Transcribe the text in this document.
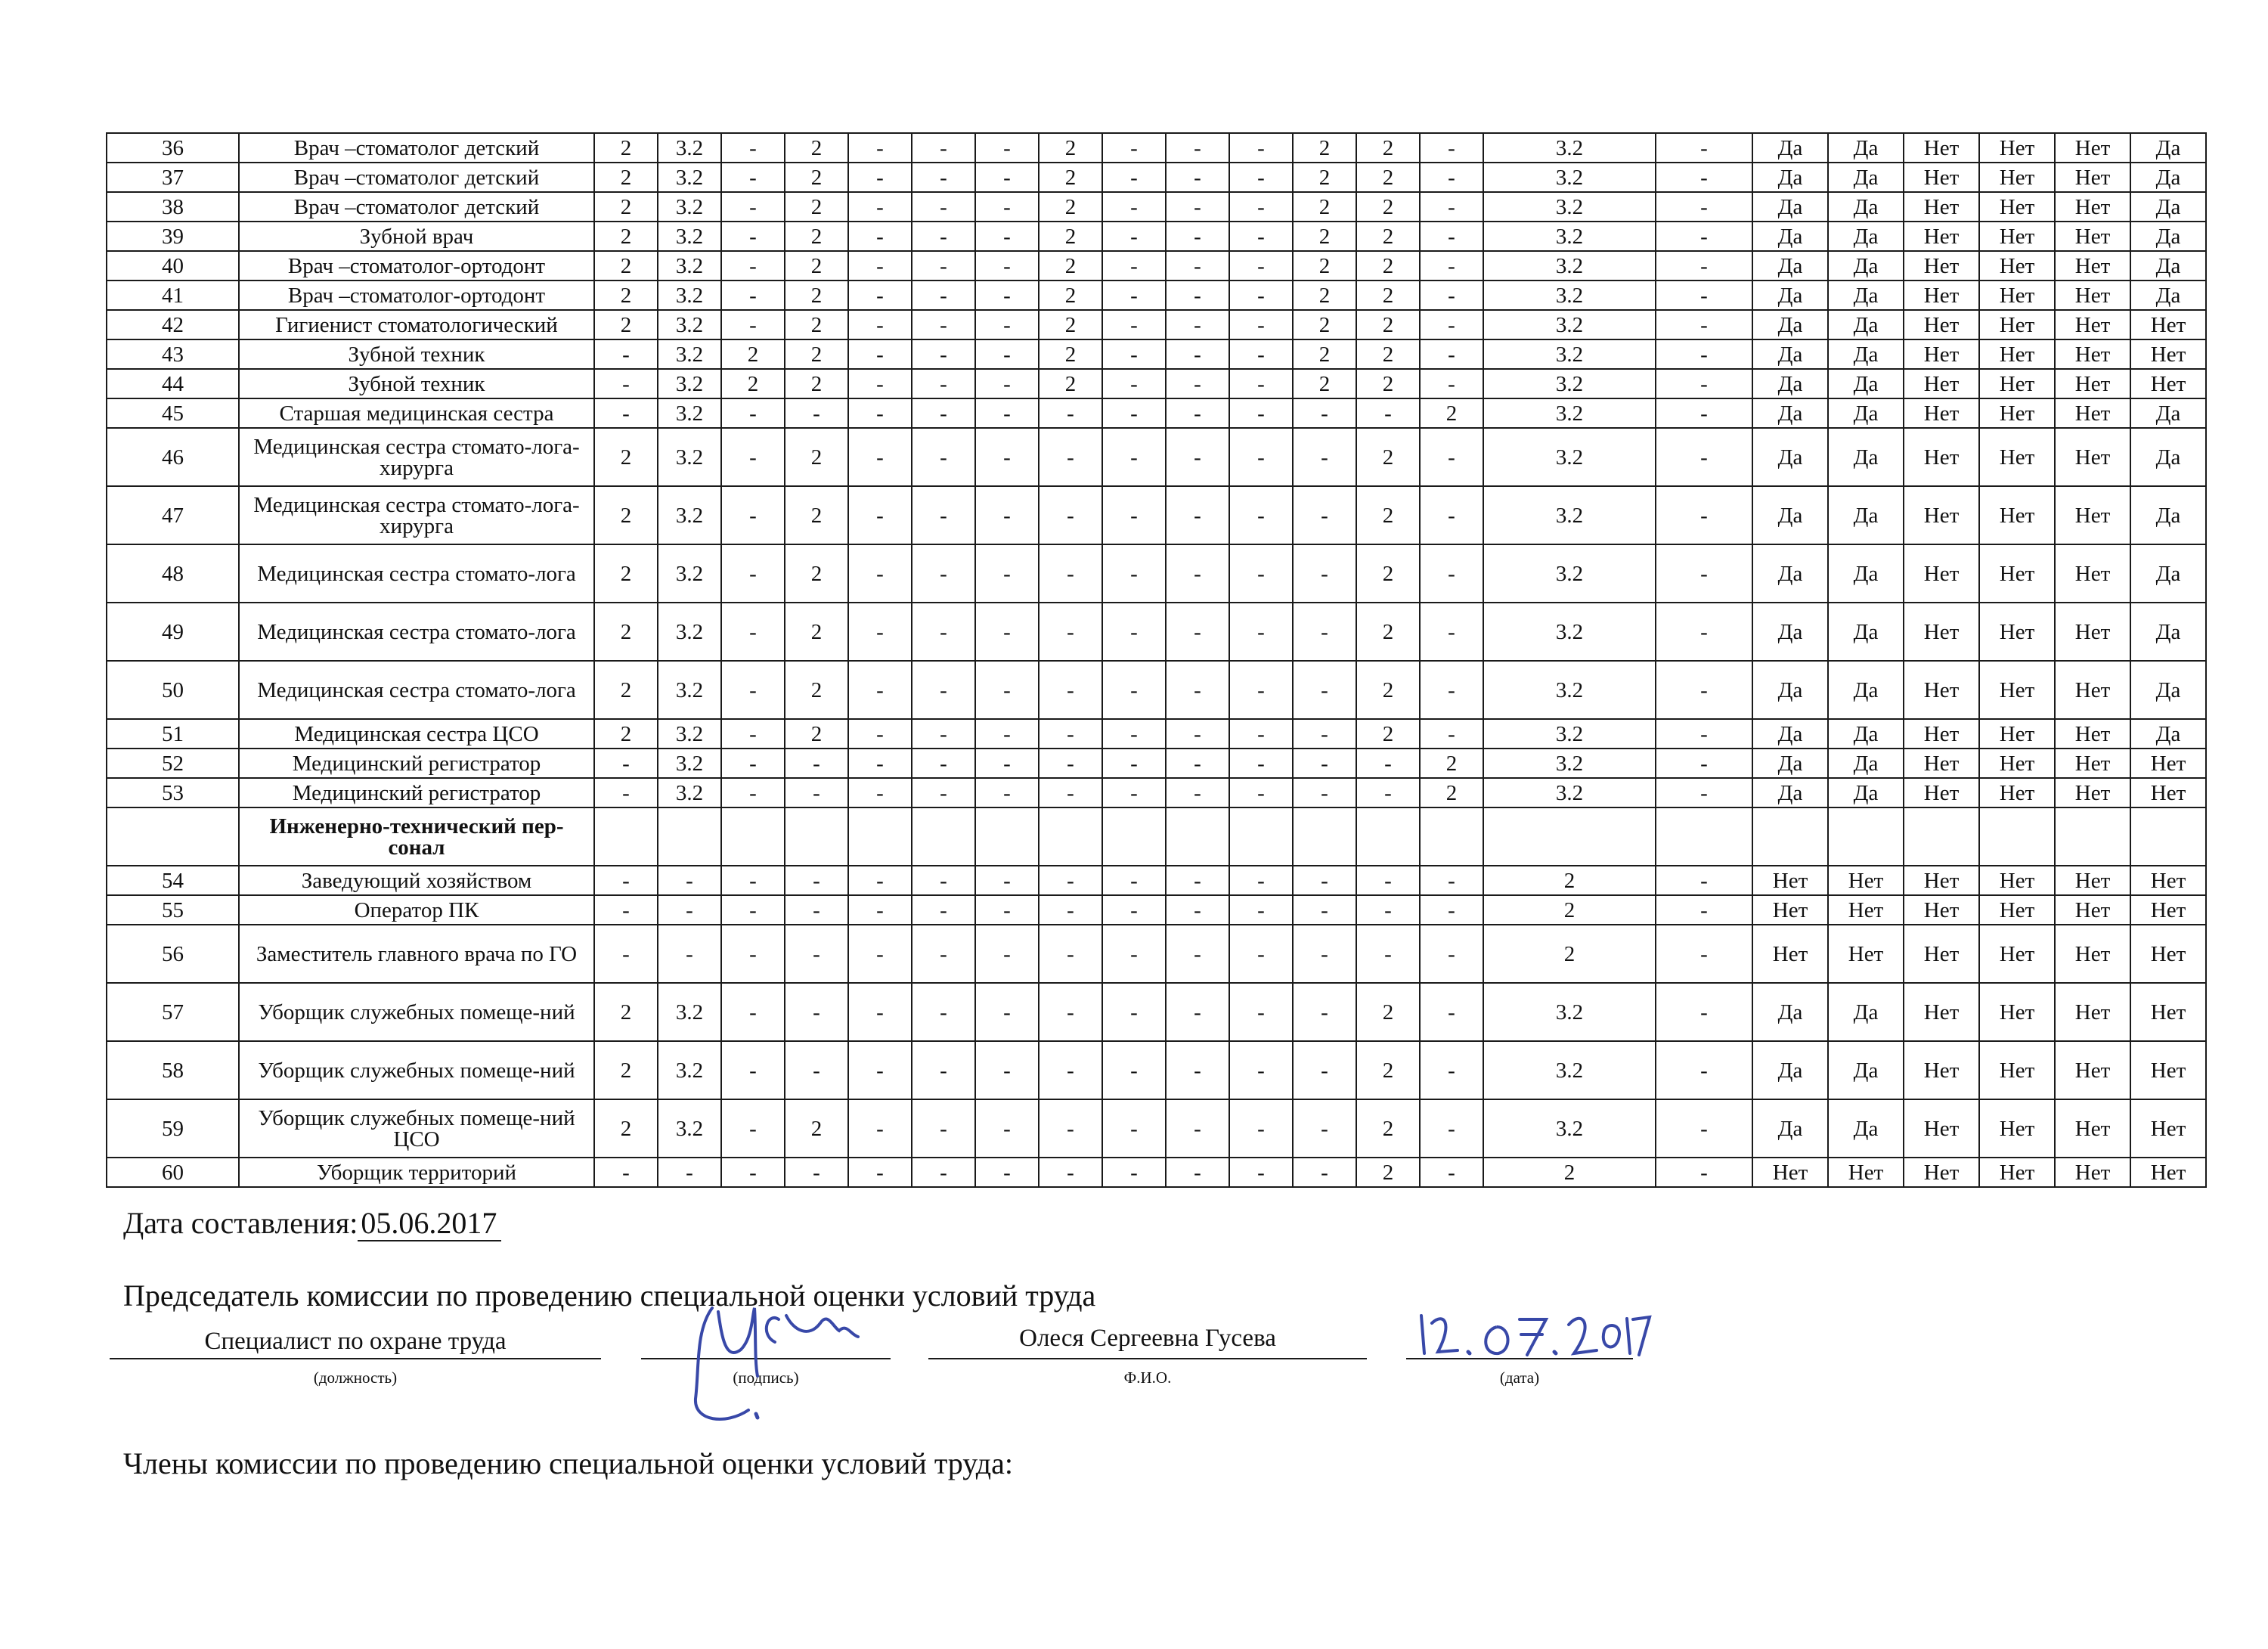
36	Врач –стоматолог детский	2	3.2	-	2	-	-	-	2	-	-	-	2	2	-	3.2	-	Да	Да	Нет	Нет	Нет	Да
37	Врач –стоматолог детский	2	3.2	-	2	-	-	-	2	-	-	-	2	2	-	3.2	-	Да	Да	Нет	Нет	Нет	Да
38	Врач –стоматолог детский	2	3.2	-	2	-	-	-	2	-	-	-	2	2	-	3.2	-	Да	Да	Нет	Нет	Нет	Да
39	Зубной врач	2	3.2	-	2	-	-	-	2	-	-	-	2	2	-	3.2	-	Да	Да	Нет	Нет	Нет	Да
40	Врач –стоматолог-ортодонт	2	3.2	-	2	-	-	-	2	-	-	-	2	2	-	3.2	-	Да	Да	Нет	Нет	Нет	Да
41	Врач –стоматолог-ортодонт	2	3.2	-	2	-	-	-	2	-	-	-	2	2	-	3.2	-	Да	Да	Нет	Нет	Нет	Да
42	Гигиенист стоматологический	2	3.2	-	2	-	-	-	2	-	-	-	2	2	-	3.2	-	Да	Да	Нет	Нет	Нет	Нет
43	Зубной техник	-	3.2	2	2	-	-	-	2	-	-	-	2	2	-	3.2	-	Да	Да	Нет	Нет	Нет	Нет
44	Зубной техник	-	3.2	2	2	-	-	-	2	-	-	-	2	2	-	3.2	-	Да	Да	Нет	Нет	Нет	Нет
45	Старшая медицинская сестра	-	3.2	-	-	-	-	-	-	-	-	-	-	-	2	3.2	-	Да	Да	Нет	Нет	Нет	Да
46	Медицинская сестра стомато-лога-хирурга	2	3.2	-	2	-	-	-	-	-	-	-	-	2	-	3.2	-	Да	Да	Нет	Нет	Нет	Да
47	Медицинская сестра стомато-лога-хирурга	2	3.2	-	2	-	-	-	-	-	-	-	-	2	-	3.2	-	Да	Да	Нет	Нет	Нет	Да
48	Медицинская сестра стомато-лога	2	3.2	-	2	-	-	-	-	-	-	-	-	2	-	3.2	-	Да	Да	Нет	Нет	Нет	Да
49	Медицинская сестра стомато-лога	2	3.2	-	2	-	-	-	-	-	-	-	-	2	-	3.2	-	Да	Да	Нет	Нет	Нет	Да
50	Медицинская сестра стомато-лога	2	3.2	-	2	-	-	-	-	-	-	-	-	2	-	3.2	-	Да	Да	Нет	Нет	Нет	Да
51	Медицинская сестра ЦСО	2	3.2	-	2	-	-	-	-	-	-	-	-	2	-	3.2	-	Да	Да	Нет	Нет	Нет	Да
52	Медицинский регистратор	-	3.2	-	-	-	-	-	-	-	-	-	-	-	2	3.2	-	Да	Да	Нет	Нет	Нет	Нет
53	Медицинский регистратор	-	3.2	-	-	-	-	-	-	-	-	-	-	-	2	3.2	-	Да	Да	Нет	Нет	Нет	Нет
	Инженерно-технический пер-сонал																						
54	Заведующий хозяйством	-	-	-	-	-	-	-	-	-	-	-	-	-	-	2	-	Нет	Нет	Нет	Нет	Нет	Нет
55	Оператор ПК	-	-	-	-	-	-	-	-	-	-	-	-	-	-	2	-	Нет	Нет	Нет	Нет	Нет	Нет
56	Заместитель главного врача по ГО	-	-	-	-	-	-	-	-	-	-	-	-	-	-	2	-	Нет	Нет	Нет	Нет	Нет	Нет
57	Уборщик служебных помеще-ний	2	3.2	-	-	-	-	-	-	-	-	-	-	2	-	3.2	-	Да	Да	Нет	Нет	Нет	Нет
58	Уборщик служебных помеще-ний	2	3.2	-	-	-	-	-	-	-	-	-	-	2	-	3.2	-	Да	Да	Нет	Нет	Нет	Нет
59	Уборщик служебных помеще-ний ЦСО	2	3.2	-	2	-	-	-	-	-	-	-	-	2	-	3.2	-	Да	Да	Нет	Нет	Нет	Нет
60	Уборщик территорий	-	-	-	-	-	-	-	-	-	-	-	-	2	-	2	-	Нет	Нет	Нет	Нет	Нет	Нет
Дата составления: 05.06.2017
Председатель комиссии по проведению специальной оценки условий труда
Специалист по охране труда
(должность)	(подпись)
Олеся Сергеевна Гусева
Ф.И.О.	(дата)
Члены комиссии по проведению специальной оценки условий труда:
